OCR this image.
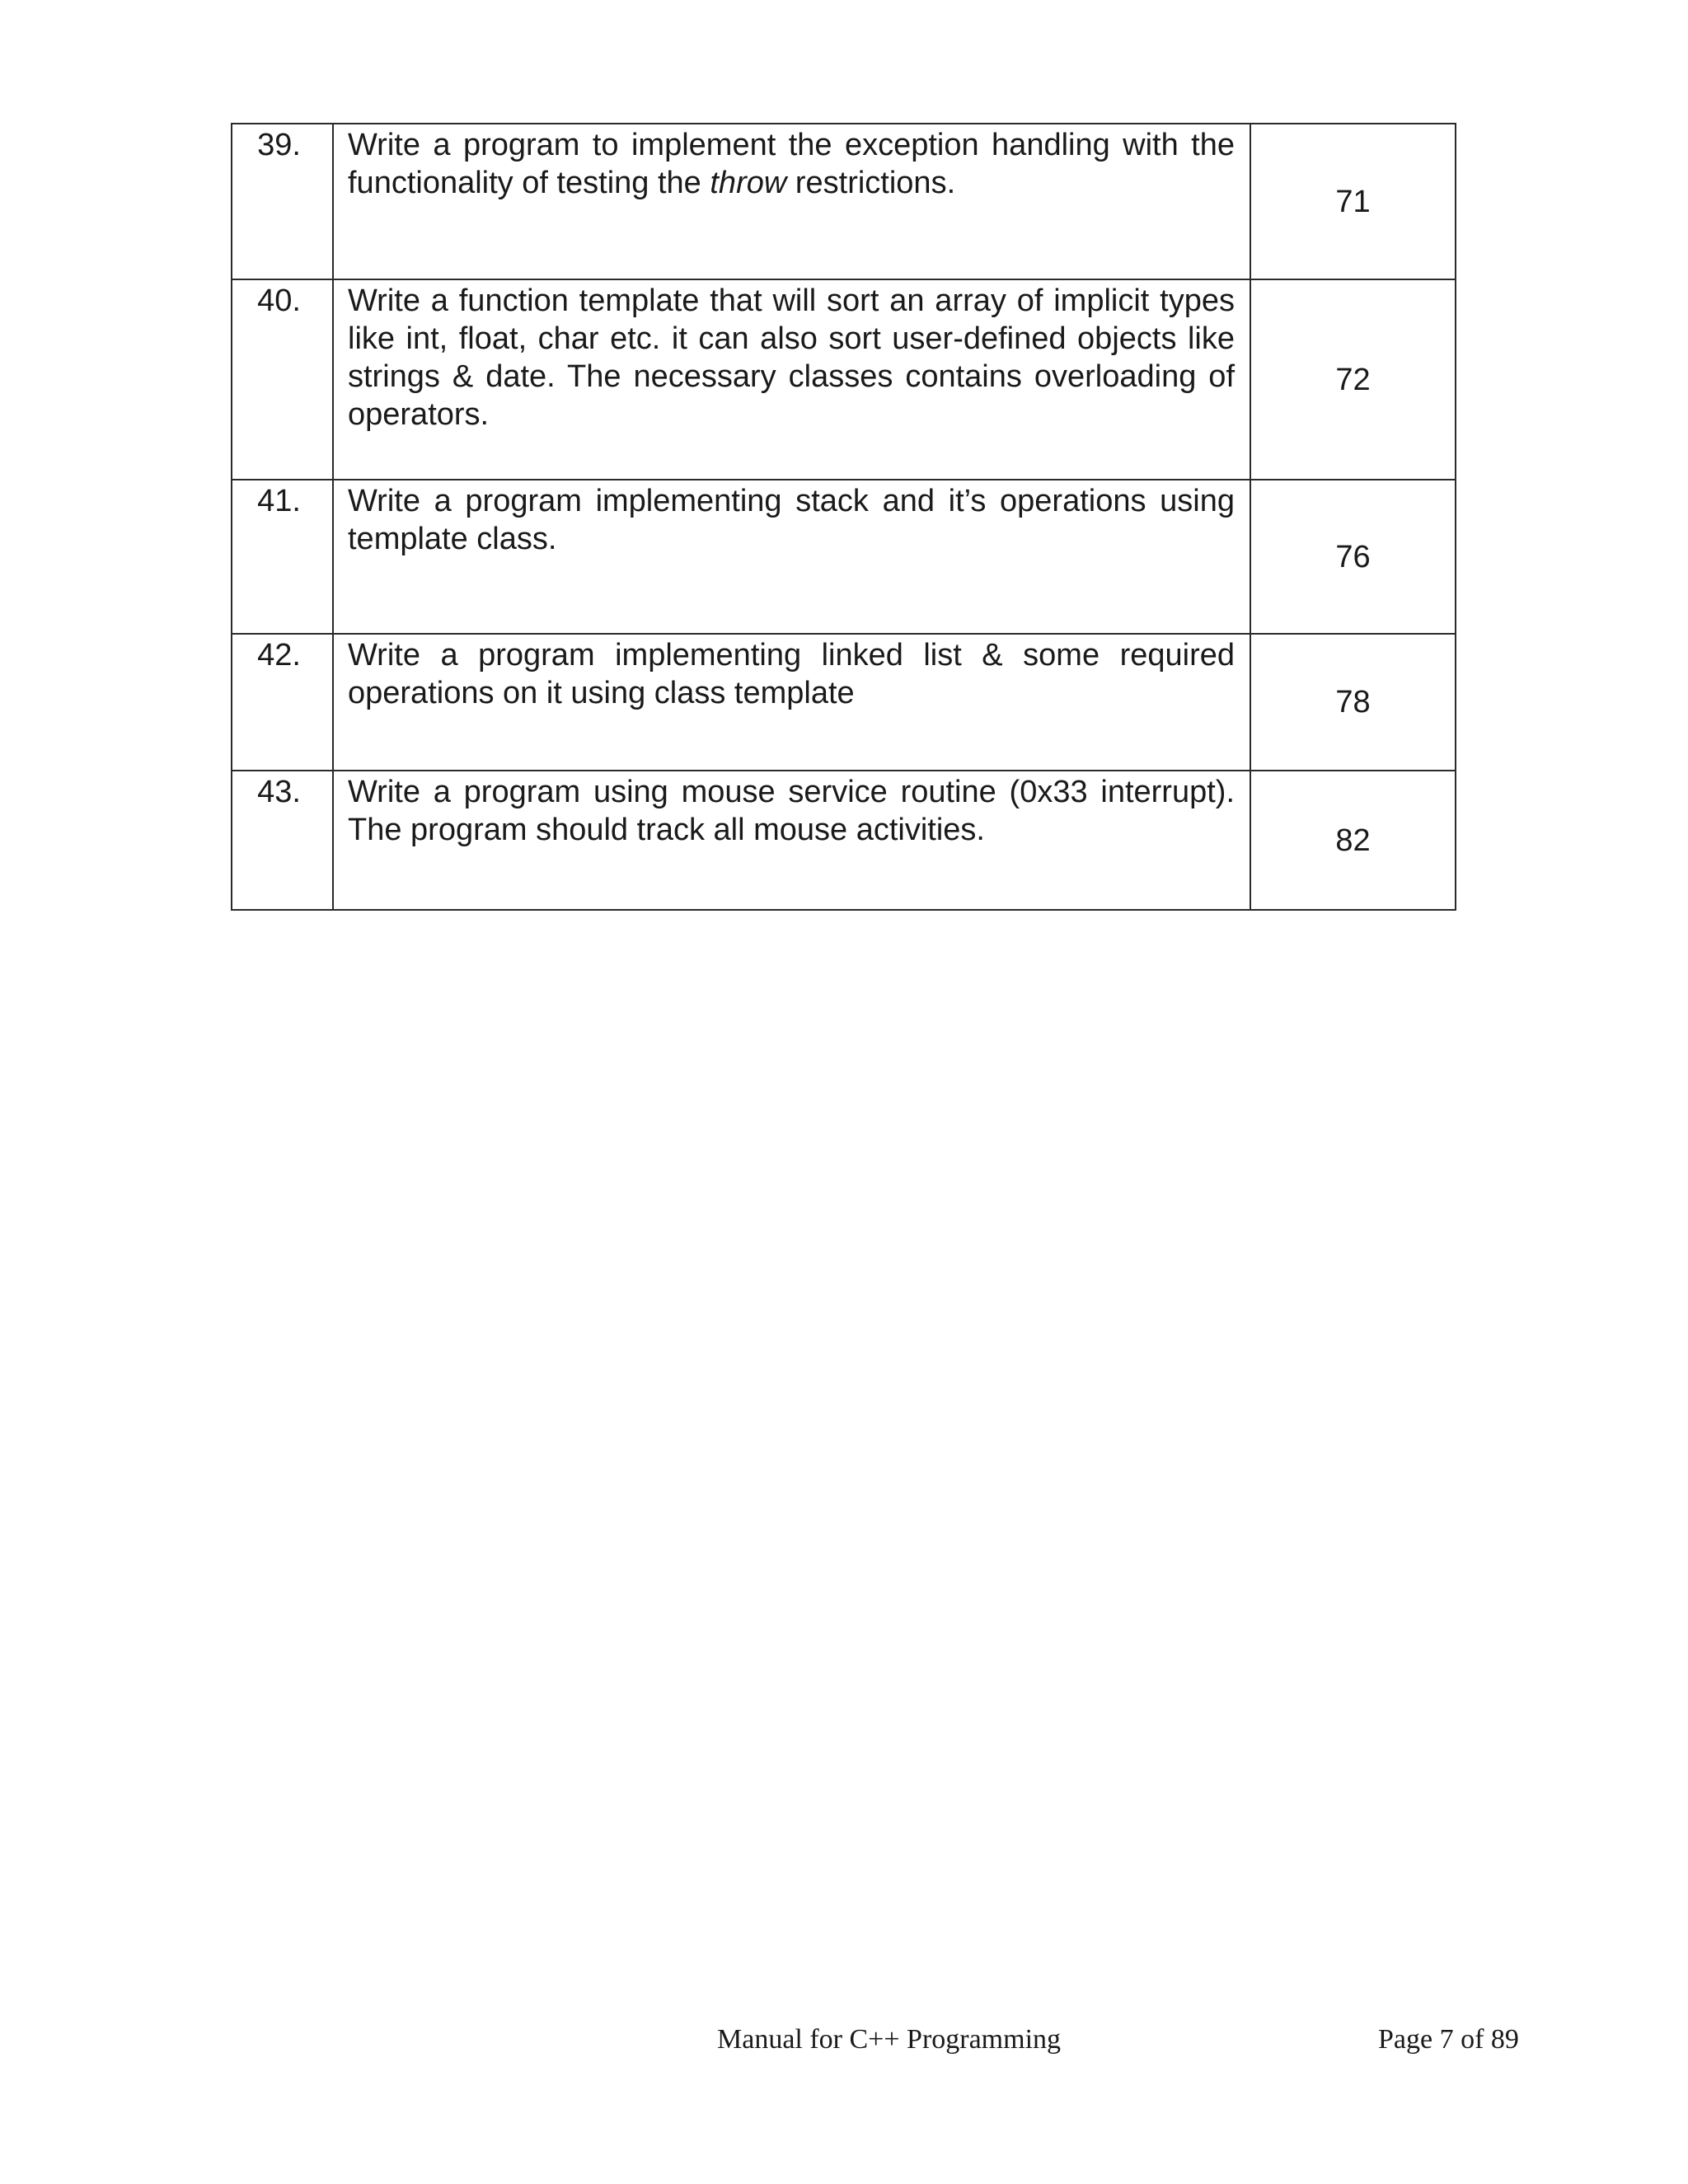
39.	Write a program to implement the exception handling with the functionality of testing the throw restrictions.	71
40.	Write a function template that will sort an array of implicit types like int, float, char etc. it can also sort user-defined objects like strings & date. The necessary classes contains overloading of operators.	72
41.	Write a program implementing stack and it’s operations using template class.	76
42.	Write a program implementing linked list & some required operations on it using class template	78
43.	Write a program using mouse service routine (0x33 interrupt). The program should track all mouse activities.	82
Manual for C++ Programming	Page 7 of 89
